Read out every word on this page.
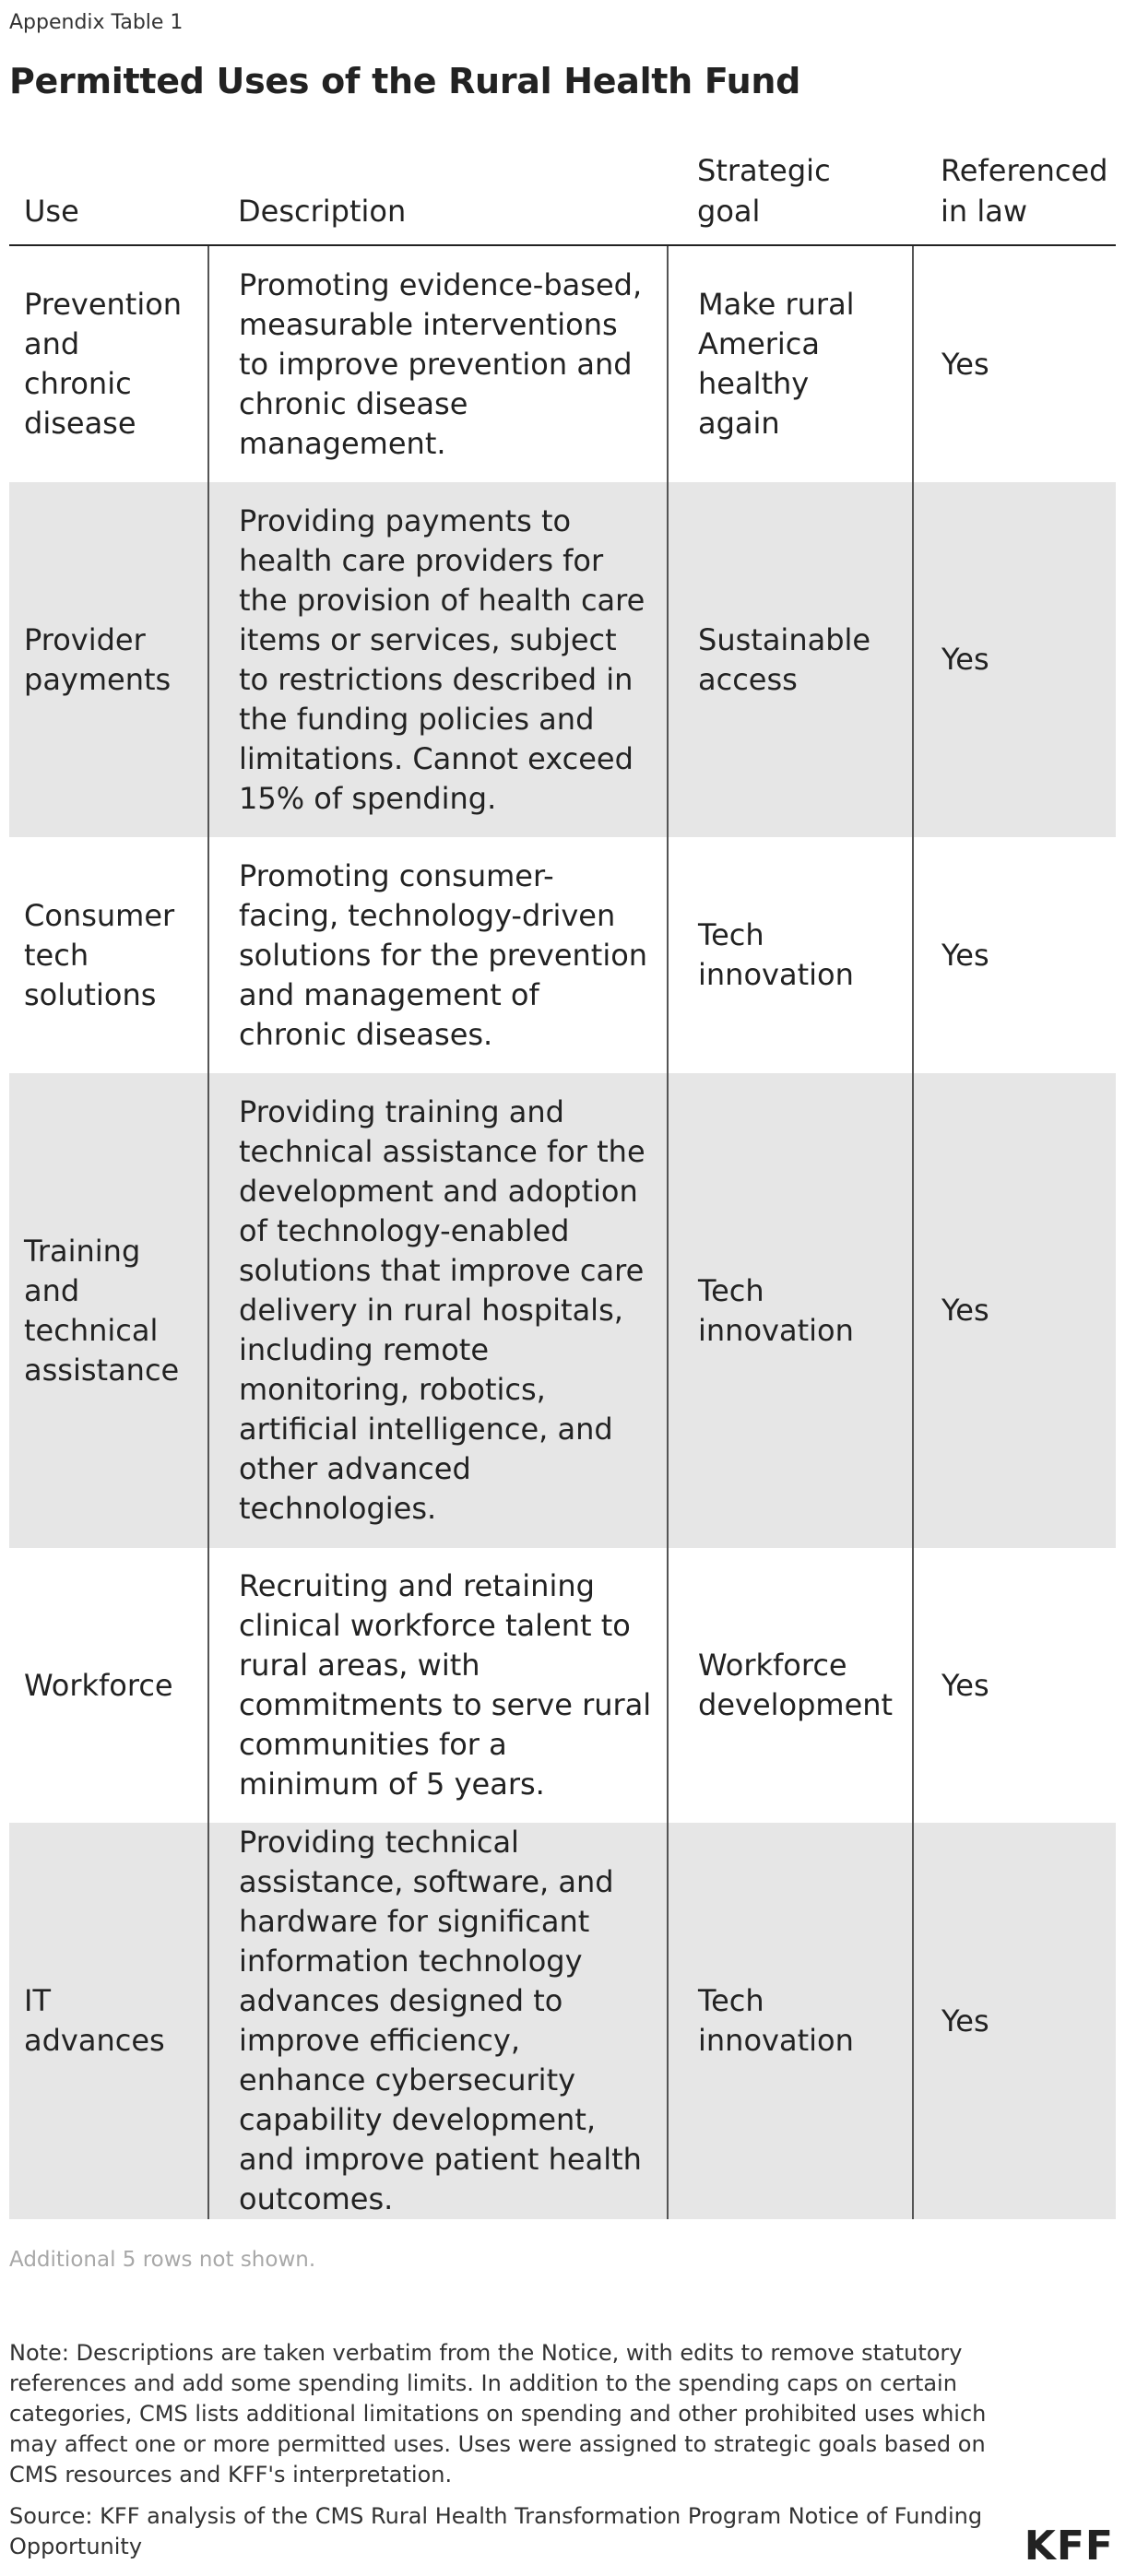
Appendix Table 1
Permitted Uses of the Rural Health Fund
Use	Description	Strategic goal	Referenced in law
Prevention and chronic disease	Promoting evidence-based, measurable interventions to improve prevention and chronic disease management.	Make rural America healthy again	Yes
Provider payments	Providing payments to health care providers for the provision of health care items or services, subject to restrictions described in the funding policies and limitations. Cannot exceed 15% of spending.	Sustainable access	Yes
Consumer tech solutions	Promoting consumer-facing, technology-driven solutions for the prevention and management of chronic diseases.	Tech innovation	Yes
Training and technical assistance	Providing training and technical assistance for the development and adoption of technology-enabled solutions that improve care delivery in rural hospitals, including remote monitoring, robotics, artificial intelligence, and other advanced technologies.	Tech innovation	Yes
Workforce	Recruiting and retaining clinical workforce talent to rural areas, with commitments to serve rural communities for a minimum of 5 years.	Workforce development	Yes
IT advances	Providing technical assistance, software, and hardware for significant information technology advances designed to improve efficiency, enhance cybersecurity capability development, and improve patient health outcomes.	Tech innovation	Yes
Additional 5 rows not shown.
Note: Descriptions are taken verbatim from the Notice, with edits to remove statutory references and add some spending limits. In addition to the spending caps on certain categories, CMS lists additional limitations on spending and other prohibited uses which may affect one or more permitted uses. Uses were assigned to strategic goals based on CMS resources and KFF's interpretation.
Source: KFF analysis of the CMS Rural Health Transformation Program Notice of Funding Opportunity	KFF
